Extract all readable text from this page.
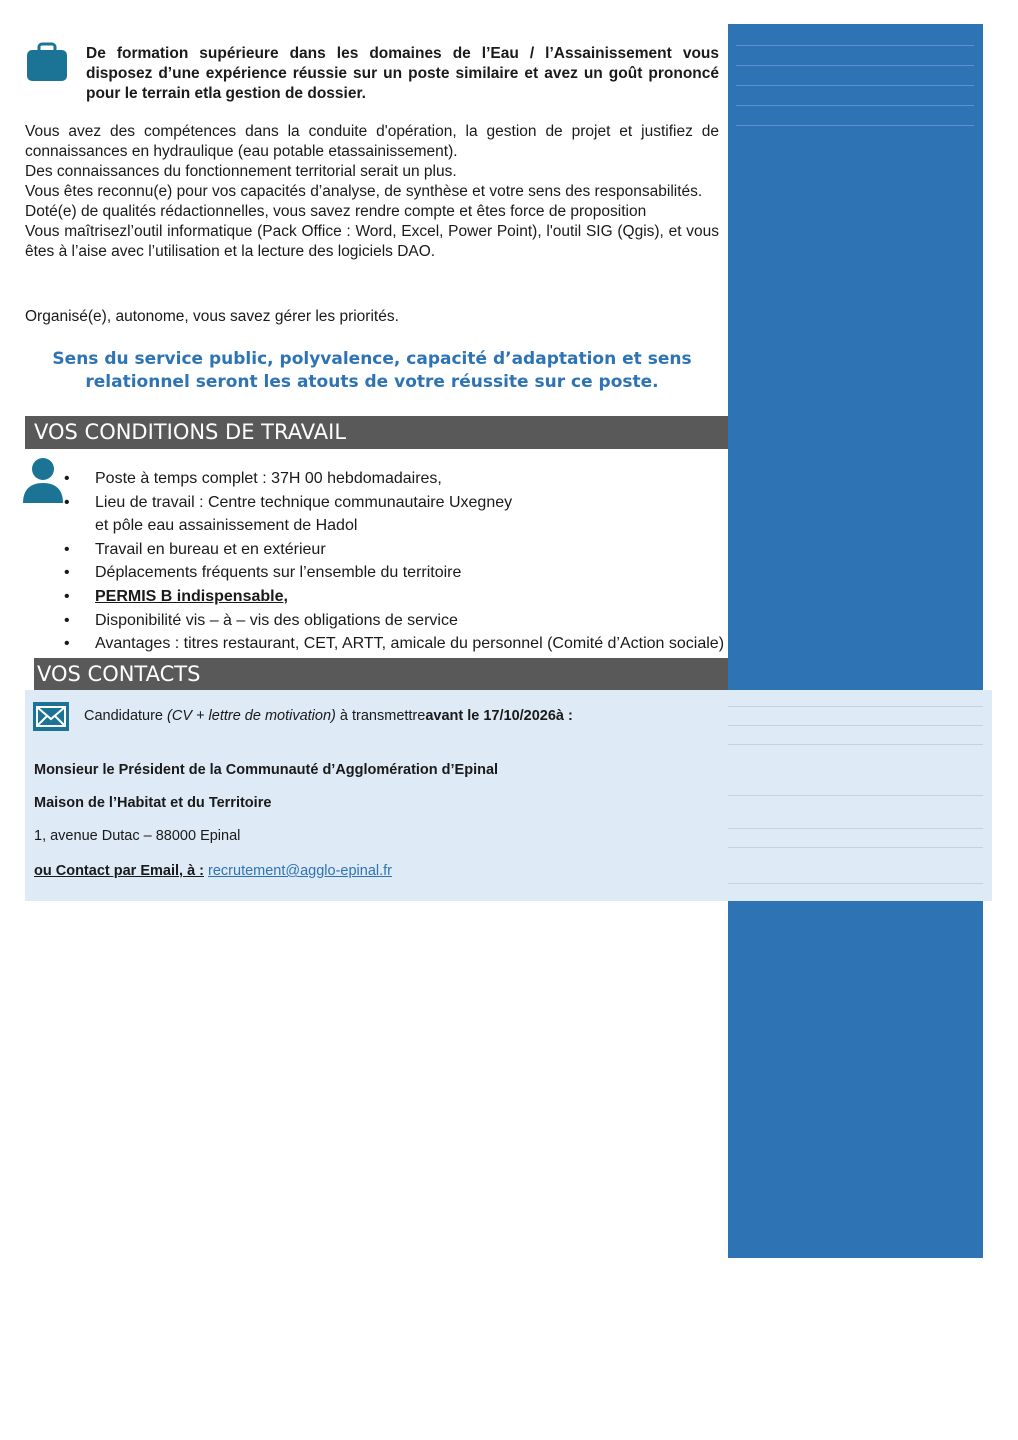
De formation supérieure dans les domaines de l’Eau / l’Assainissement vous disposez d’une expérience réussie sur un poste similaire et avez un goût prononcé pour le terrain etla gestion de dossier.

Vous avez des compétences dans la conduite d'opération, la gestion de projet et justifiez de connaissances en hydraulique (eau potable etassainissement).

Des connaissances du fonctionnement territorial serait un plus.

Vous êtes reconnu(e) pour vos capacités d’analyse, de synthèse et votre sens des responsabilités.

Doté(e) de qualités rédactionnelles, vous savez rendre compte et êtes force de proposition

Vous maîtrisezl’outil informatique (Pack Office : Word, Excel, Power Point), l'outil SIG (Qgis), et vous êtes à l’aise avec l’utilisation et la lecture des logiciels DAO.

Organisé(e), autonome, vous savez gérer les priorités.
Sens du service public, polyvalence, capacité d’adaptation et sens relationnel seront les atouts de votre réussite sur ce poste.
VOS CONDITIONS DE TRAVAIL
• Poste à temps complet : 37H 00 hebdomadaires,
• Lieu de travail : Centre technique communautaire Uxegney
et pôle eau assainissement de Hadol
• Travail en bureau et en extérieur
• Déplacements fréquents sur l’ensemble du territoire
• PERMIS B indispensable,
• Disponibilité vis – à – vis des obligations de service
• Avantages : titres restaurant, CET, ARTT, amicale du personnel (Comité d’Action sociale)
VOS CONTACTS
Candidature (CV + lettre de motivation) à transmettreavant le 17/10/2026à :
Monsieur le Président de la Communauté d’Agglomération d’Epinal
Maison de l’Habitat et du Territoire
1, avenue Dutac – 88000 Epinal
ou Contact par Email, à : recrutement@agglo-epinal.fr
